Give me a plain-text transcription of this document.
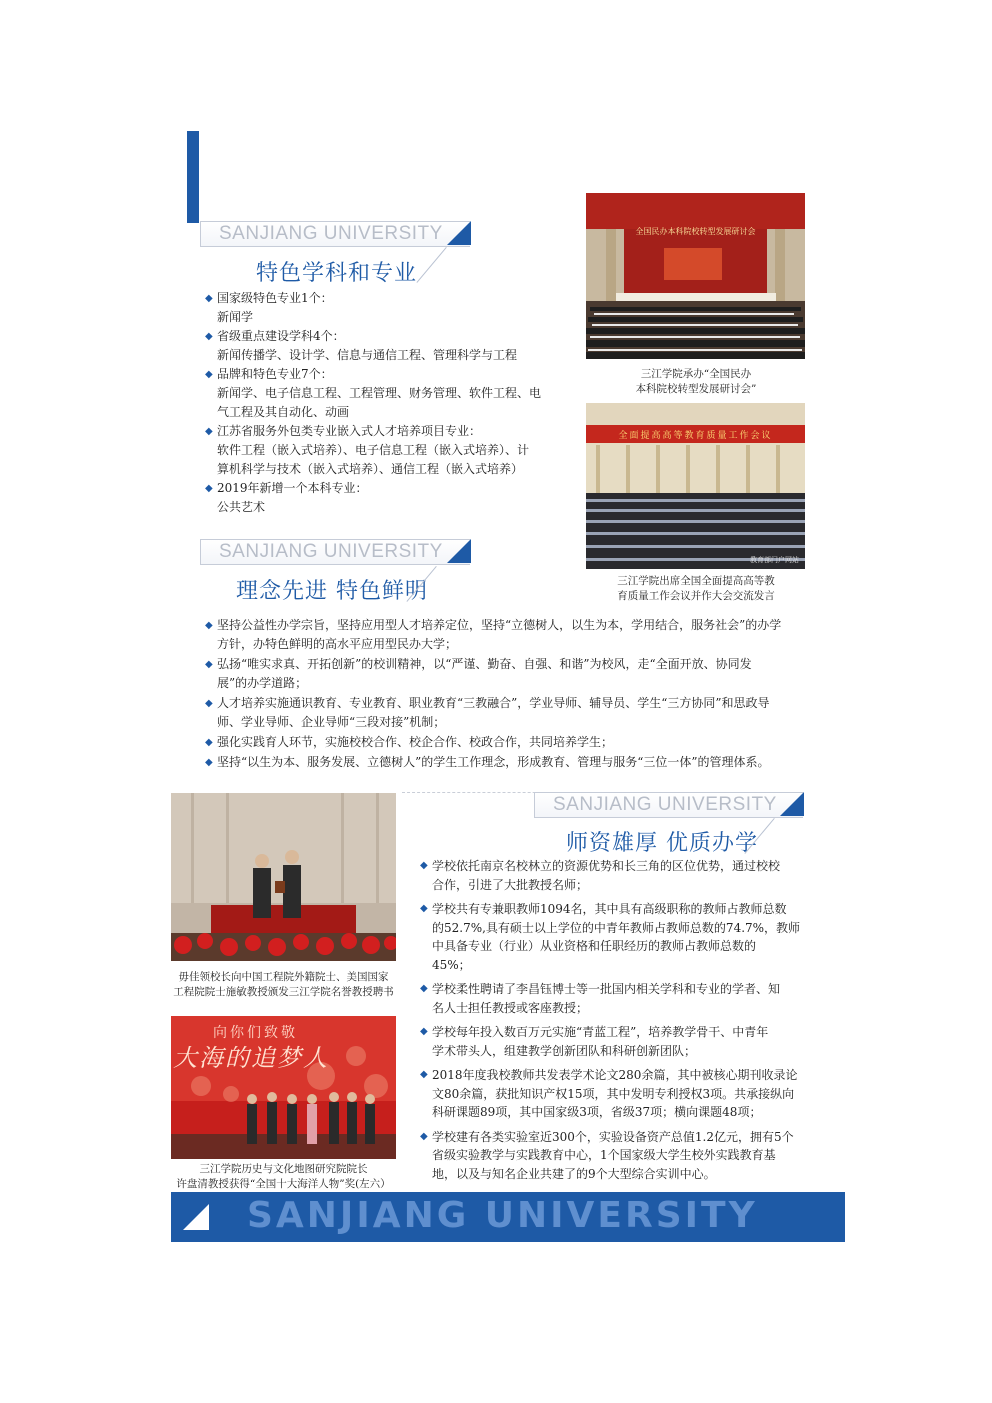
SANJIANG UNIVERSITY
特色学科和专业
◆ 国家级特色专业1个：
新闻学
◆ 省级重点建设学科4个：
新闻传播学、设计学、信息与通信工程、管理科学与工程
◆ 品牌和特色专业7个：
新闻学、电子信息工程、工程管理、财务管理、软件工程、电
气工程及其自动化、动画
◆ 江苏省服务外包类专业嵌入式人才培养项目专业：
软件工程（嵌入式培养）、电子信息工程（嵌入式培养）、计
算机科学与技术（嵌入式培养）、通信工程（嵌入式培养）
◆ 2019年新增一个本科专业：
公共艺术
全国民办本科院校转型发展研讨会
三江学院承办“全国民办
本科院校转型发展研讨会”
全面提高高等教育质量工作会议
教育部门户网站
三江学院出席全国全面提高高等教
育质量工作会议并作大会交流发言
SANJIANG UNIVERSITY
理念先进 特色鲜明
◆ 坚持公益性办学宗旨，坚持应用型人才培养定位，坚持“立德树人，以生为本，学用结合，服务社会”的办学
方针，办特色鲜明的高水平应用型民办大学；
◆ 弘扬“唯实求真、开拓创新”的校训精神，以“严谨、勤奋、自强、和谐”为校风，走“全面开放、协同发
展”的办学道路；
◆ 人才培养实施通识教育、专业教育、职业教育“三教融合”，学业导师、辅导员、学生“三方协同”和思政导
师、学业导师、企业导师“三段对接”机制；
◆ 强化实践育人环节，实施校校合作、校企合作、校政合作，共同培养学生；
◆ 坚持“以生为本、服务发展、立德树人”的学生工作理念，形成教育、管理与服务“三位一体”的管理体系。
毋佳领校长向中国工程院外籍院士、美国国家
工程院院士施敏教授颁发三江学院名誉教授聘书
向你们致敬
大海的追梦人
三江学院历史与文化地图研究院院长
许盘清教授获得“全国十大海洋人物”奖(左六）
SANJIANG UNIVERSITY
师资雄厚 优质办学
◆ 学校依托南京名校林立的资源优势和长三角的区位优势，通过校校
合作，引进了大批教授名师；
◆ 学校共有专兼职教师1094名，其中具有高级职称的教师占教师总数
的52.7%,具有硕士以上学位的中青年教师占教师总数的74.7%，教师
中具备专业（行业）从业资格和任职经历的教师占教师总数的
45%；
◆ 学校柔性聘请了李昌钰博士等一批国内相关学科和专业的学者、知
名人士担任教授或客座教授；
◆ 学校每年投入数百万元实施“青蓝工程”，培养教学骨干、中青年
学术带头人，组建教学创新团队和科研创新团队；
◆ 2018年度我校教师共发表学术论文280余篇，其中被核心期刊收录论
文80余篇，获批知识产权15项，其中发明专利授权3项。共承接纵向
科研课题89项，其中国家级3项，省级37项；横向课题48项；
◆ 学校建有各类实验室近300个，实验设备资产总值1.2亿元，拥有5个
省级实验教学与实践教育中心，1个国家级大学生校外实践教育基
地，以及与知名企业共建了的9个大型综合实训中心。
SANJIANG UNIVERSITY
